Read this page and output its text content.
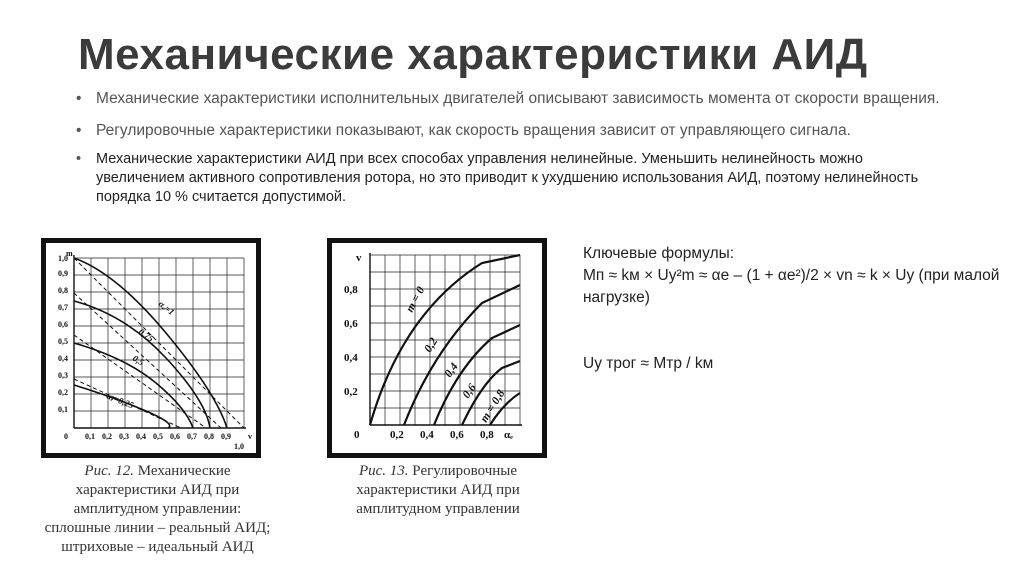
Механические характеристики АИД
• Механические характеристики исполнительных двигателей описывают зависимость момента от скорости вращения.
• Регулировочные характеристики показывают, как скорость вращения зависит от управляющего сигнала.
• Механические характеристики АИД при всех способах управления нелинейные. Уменьшить нелинейность можно увеличением активного сопротивления ротора, но это приводит к ухудшению использования АИД, поэтому нелинейность порядка 10 % считается допустимой.
m
0,9
0,8
0,7
0,6
0,5
0,4
0,3
0,2
0,1
1,0
0 0,1 0,2 0,3 0,4 0,5 0,6 0,7 0,8 0,9
1,0
v
αₑ=1
0,75
0,5
αₑ=0,25
Рис. 12. Механические характеристики АИД при амплитудном управлении: сплошные линии – реальный АИД; штриховые – идеальный АИД
v
0,8
0,6
0,4
0,2
0	0,2 0,4 0,6 0,8 αₑ
m = 0
0,2
0,4
0,6 m = 0,8
Рис. 13. Регулировочные характеристики АИД при амплитудном управлении
Ключевые формулы:
Мп ≈ kм × Uy²m ≈ αe – (1 + αe²)/2 × vn ≈ k × Uy (при малой нагрузке)
Uy трог ≈ Мтр / kм
